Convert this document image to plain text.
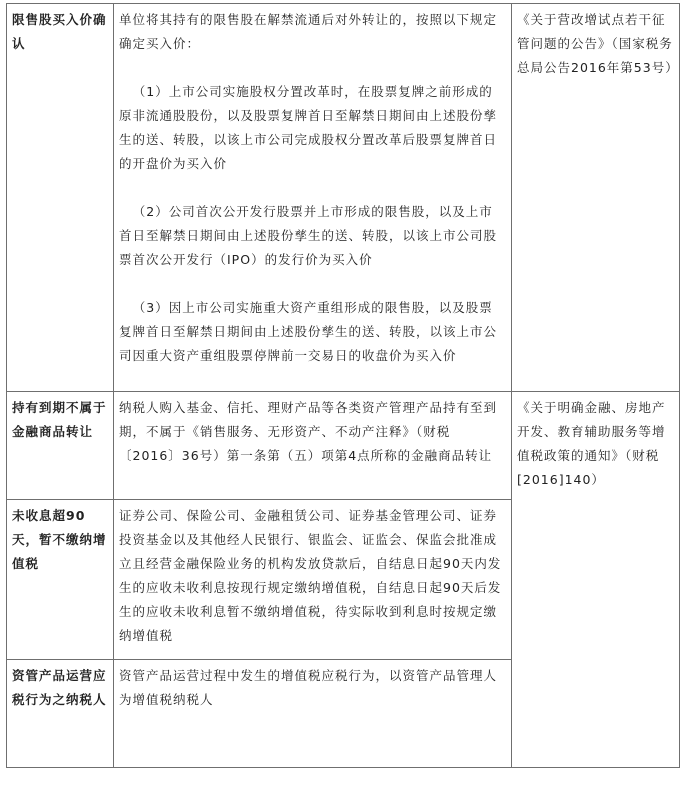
限售股买入价确认	单位将其持有的限售股在解禁流通后对外转让的，按照以下规定确定买入价：

（1）上市公司实施股权分置改革时，在股票复牌之前形成的原非流通股股份，以及股票复牌首日至解禁日期间由上述股份孳生的送、转股，以该上市公司完成股权分置改革后股票复牌首日的开盘价为买入价

（2）公司首次公开发行股票并上市形成的限售股，以及上市首日至解禁日期间由上述股份孳生的送、转股，以该上市公司股票首次公开发行（IPO）的发行价为买入价

（3）因上市公司实施重大资产重组形成的限售股，以及股票复牌首日至解禁日期间由上述股份孳生的送、转股，以该上市公司因重大资产重组股票停牌前一交易日的收盘价为买入价	《关于营改增试点若干征管问题的公告》（国家税务总局公告2016年第53号）
持有到期不属于金融商品转让	纳税人购入基金、信托、理财产品等各类资产管理产品持有至到期，不属于《销售服务、无形资产、不动产注释》（财税〔2016〕36号）第一条第（五）项第4点所称的金融商品转让	《关于明确金融、房地产开发、教育辅助服务等增值税政策的通知》（财税[2016]140）
未收息超90天，暂不缴纳增值税	证券公司、保险公司、金融租赁公司、证券基金管理公司、证券投资基金以及其他经人民银行、银监会、证监会、保监会批准成立且经营金融保险业务的机构发放贷款后，自结息日起90天内发生的应收未收利息按现行规定缴纳增值税，自结息日起90天后发生的应收未收利息暂不缴纳增值税，待实际收到利息时按规定缴纳增值税	

资管产品运营应税行为之纳税人	资管产品运营过程中发生的增值税应税行为，以资管产品管理人为增值税纳税人	
